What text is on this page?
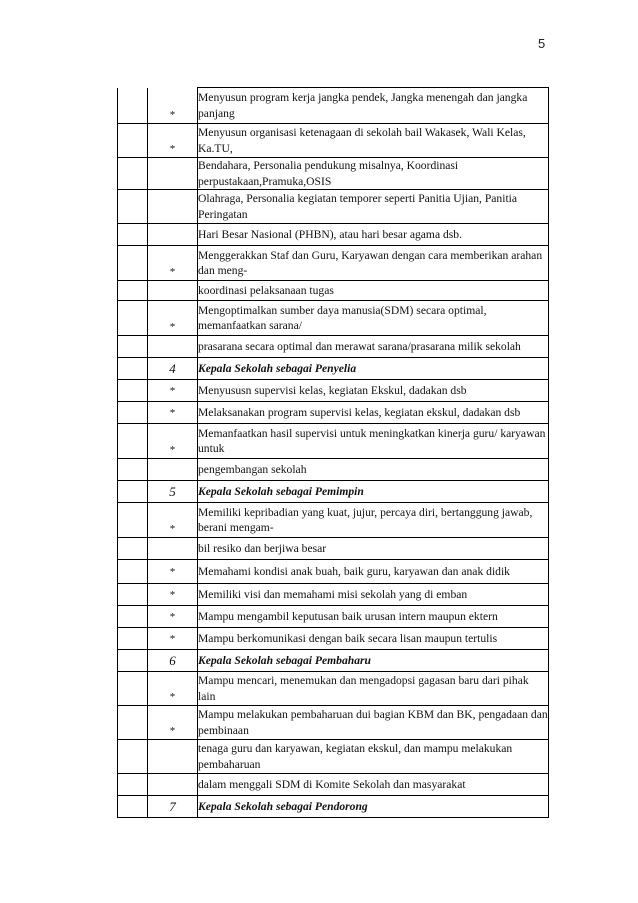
5
	*	Menyusun program kerja jangka pendek, Jangka menengah dan jangka panjang
	*	Menyusun organisasi ketenagaan di sekolah bail Wakasek, Wali Kelas, Ka.TU,
		Bendahara, Personalia pendukung misalnya, Koordinasi perpustakaan,Pramuka,OSIS
		Olahraga, Personalia kegiatan temporer seperti Panitia Ujian, Panitia Peringatan
		Hari Besar Nasional (PHBN), atau hari besar agama dsb.
	*	Menggerakkan Staf dan Guru, Karyawan dengan cara memberikan arahan dan meng-
		koordinasi pelaksanaan tugas
	*	Mengoptimalkan sumber daya manusia(SDM) secara optimal, memanfaatkan sarana/
		prasarana secara optimal dan merawat sarana/prasarana milik sekolah
	4	Kepala Sekolah sebagai Penyelia
	*	Menyususn supervisi kelas, kegiatan Ekskul, dadakan dsb
	*	Melaksanakan program supervisi kelas, kegiatan ekskul, dadakan dsb
	*	Memanfaatkan hasil supervisi untuk meningkatkan kinerja guru/ karyawan untuk
		pengembangan sekolah
	5	Kepala Sekolah sebagai Pemimpin
	*	Memiliki kepribadian yang kuat, jujur, percaya diri, bertanggung jawab, berani mengam-
		bil resiko dan berjiwa besar
	*	Memahami kondisi anak buah, baik guru, karyawan dan anak didik
	*	Memiliki visi dan memahami misi sekolah yang di emban
	*	Mampu mengambil keputusan baik urusan intern maupun ektern
	*	Mampu berkomunikasi dengan baik secara lisan maupun tertulis
	6	Kepala Sekolah sebagai Pembaharu
	*	Mampu mencari, menemukan dan mengadopsi gagasan baru dari pihak lain
	*	Mampu melakukan pembaharuan dui bagian KBM dan BK, pengadaan dan pembinaan
		tenaga guru dan karyawan, kegiatan ekskul, dan mampu melakukan pembaharuan
		dalam menggali SDM di Komite Sekolah dan masyarakat
	7	Kepala Sekolah sebagai Pendorong
